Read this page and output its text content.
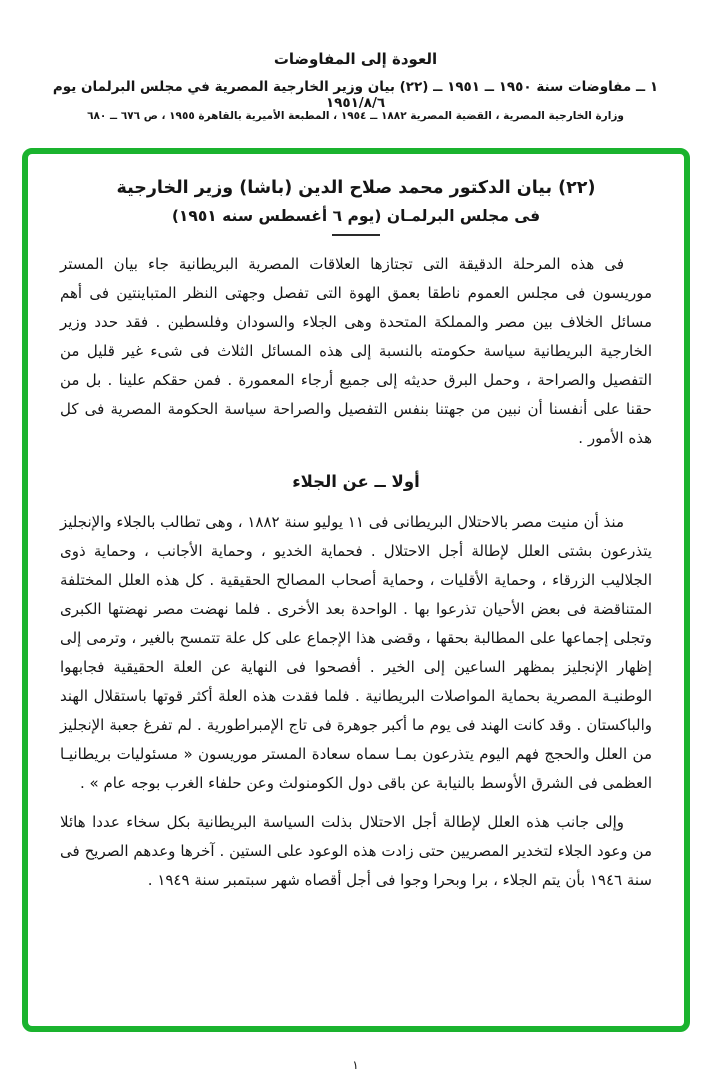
العودة إلى المفاوضات
١ ــ مفاوضات سنة ١٩٥٠ ــ ١٩٥١ ــ (٢٢) بيان وزير الخارجية المصرية في مجلس البرلمان يوم ١٩٥١/٨/٦
وزارة الخارجية المصرية ، القضية المصرية ١٨٨٢ ــ ١٩٥٤ ، المطبعة الأميرية بالقاهرة ١٩٥٥ ، ص ٦٧٦ ــ ٦٨٠
(٢٢) بيان الدكتور محمد صلاح الدين (باشا) وزير الخارجية
فى مجلس البرلمـان (يوم ٦ أغسطس سنه ١٩٥١)

فى هذه المرحلة الدقيقة التى تجتازها العلاقات المصرية البريطانية جاء بيان المستر موريسون فى مجلس العموم ناطقا بعمق الهوة التى تفصل وجهتى النظر المتباينتين فى أهم مسائل الخلاف بين مصر والمملكة المتحدة وهى الجلاء والسودان وفلسطين . فقد حدد وزير الخارجية البريطانية سياسة حكومته بالنسبة إلى هذه المسائل الثلاث فى شىء غير قليل من التفصيل والصراحة ، وحمل البرق حديثه إلى جميع أرجاء المعمورة . فمن حقكم علينا . بل من حقنا على أنفسنا أن نبين من جهتنا بنفس التفصيل والصراحة سياسة الحكومة المصرية فى كل هذه الأمور .

أولا ــ عن الجلاء

منذ أن منيت مصر بالاحتلال البريطانى فى ١١ يوليو سنة ١٨٨٢ ، وهى تطالب بالجلاء والإنجليز يتذرعون بشتى العلل لإطالة أجل الاحتلال . فحماية الخديو ، وحماية الأجانب ، وحماية ذوى الجلاليب الزرقاء ، وحماية الأقليات ، وحماية أصحاب المصالح الحقيقية . كل هذه العلل المختلفة المتناقضة فى بعض الأحيان تذرعوا بها . الواحدة بعد الأخرى . فلما نهضت مصر نهضتها الكبرى وتجلى إجماعها على المطالبة بحقها ، وقضى هذا الإجماع على كل علة تتمسح بالغير ، وترمى إلى إظهار الإنجليز بمظهر الساعين إلى الخير . أفصحوا فى النهاية عن العلة الحقيقية فجابهوا الوطنيـة المصرية بحماية المواصلات البريطانية . فلما فقدت هذه العلة أكثر قوتها باستقلال الهند والباكستان . وقد كانت الهند فى يوم ما أكبر جوهرة فى تاج الإمبراطورية . لم تفرغ جعبة الإنجليز من العلل والحجج فهم اليوم يتذرعون بمـا سماه سعادة المستر موريسون « مسئوليات بريطانيـا العظمى فى الشرق الأوسط بالنيابة عن باقى دول الكومنولث وعن حلفاء الغرب بوجه عام » .

وإلى جانب هذه العلل لإطالة أجل الاحتلال بذلت السياسة البريطانية بكل سخاء عددا هائلا من وعود الجلاء لتخدير المصريين حتى زادت هذه الوعود على الستين . آخرها وعدهم الصريح فى سنة ١٩٤٦ بأن يتم الجلاء ، برا وبحرا وجوا فى أجل أقصاه شهر سبتمبر سنة ١٩٤٩ .

١
